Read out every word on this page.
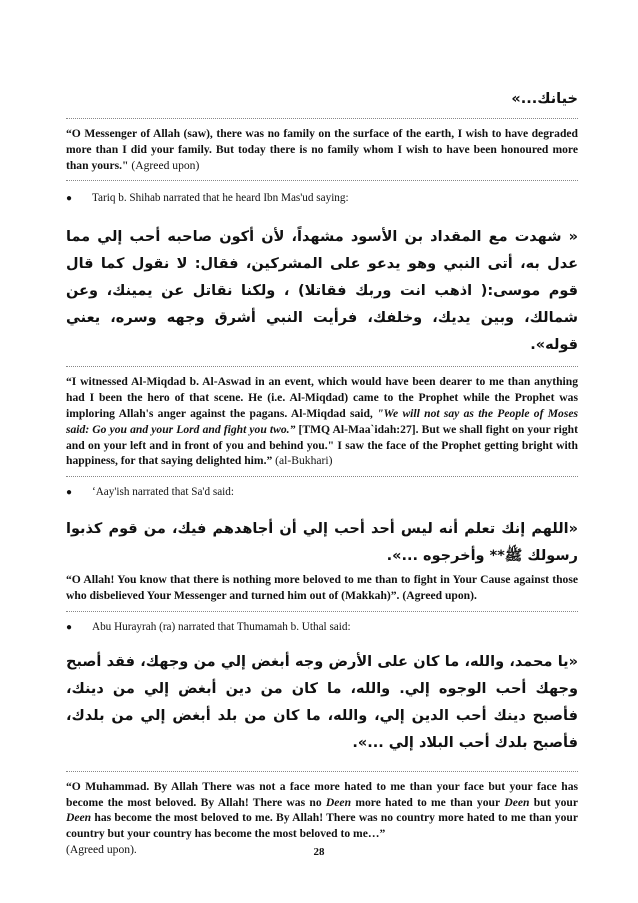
خيانك...»

“O Messenger of Allah (saw), there was no family on the surface of the earth, I wish to have degraded more than I did your family. But today there is no family whom I wish to have been honoured more than yours." (Agreed upon)

●	Tariq b. Shihab narrated that he heard Ibn Mas'ud saying:

« شهدت مع المقداد بن الأسود مشهداً، لأن أكون صاحبه أحب إلي مما عدل به، أتى النبي وهو يدعو على المشركين، فقال: لا نقول كما قال قوم موسى:( اذهب انت وربك فقاتلا) ، ولكنا نقاتل عن يمينك، وعن شمالك، وبين يديك، وخلفك، فرأيت النبي أشرق وجهه وسره، يعني قوله».

“I witnessed Al-Miqdad b. Al-Aswad in an event, which would have been dearer to me than anything had I been the hero of that scene. He (i.e. Al-Miqdad) came to the Prophet while the Prophet was imploring Allah's anger against the pagans. Al-Miqdad said, "We will not say as the People of Moses said: Go you and your Lord and fight you two.” [TMQ Al-Maa`idah:27]. But we shall fight on your right and on your left and in front of you and behind you." I saw the face of the Prophet getting bright with happiness, for that saying delighted him.” (al-Bukhari)

●	‘Aay'ish narrated that Sa'd said:

«اللهم إنك تعلم أنه ليس أحد أحب إلي أن أجاهدهم فيك، من قوم كذبوا رسولك ﷺ** وأخرجوه ...».

“O Allah! You know that there is nothing more beloved to me than to fight in Your Cause against those who disbelieved Your Messenger and turned him out of (Makkah)”. (Agreed upon).

●	Abu Hurayrah (ra) narrated that Thumamah b. Uthal said:

«يا محمد، والله، ما كان على الأرض وجه أبغض إلي من وجهك، فقد أصبح وجهك أحب الوجوه إلي. والله، ما كان من دين أبغض إلي من دينك، فأصبح دينك أحب الدين إلي، والله، ما كان من بلد أبغض إلي من بلدك، فأصبح بلدك أحب البلاد إلي ...».

“O Muhammad. By Allah There was not a face more hated to me than your face but your face has become the most beloved. By Allah! There was no Deen more hated to me than your Deen but your Deen has become the most beloved to me. By Allah! There was no country more hated to me than your country but your country has become the most beloved to me…”
(Agreed upon).	28
